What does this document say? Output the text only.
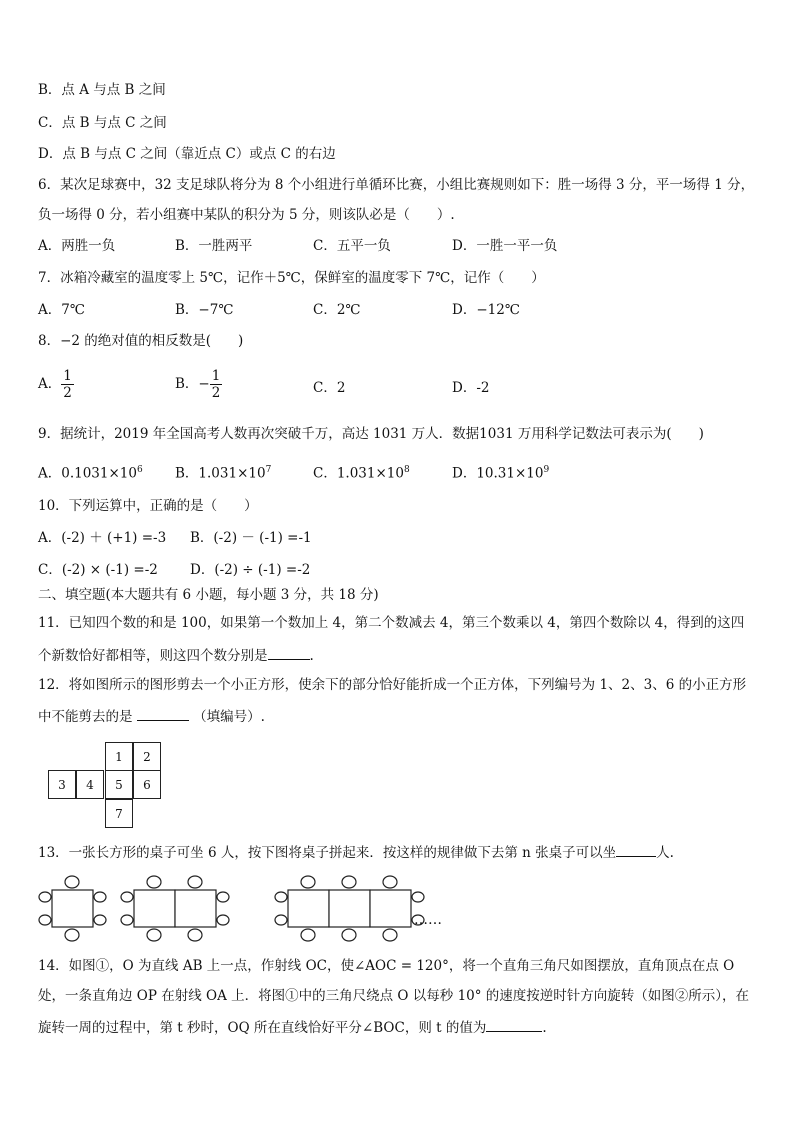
B．点 A 与点 B 之间
C．点 B 与点 C 之间
D．点 B 与点 C 之间（靠近点 C）或点 C 的右边
6．某次足球赛中，32 支足球队将分为 8 个小组进行单循环比赛，小组比赛规则如下：胜一场得 3 分，平一场得 1 分，
负一场得 0 分，若小组赛中某队的积分为 5 分，则该队必是（　　）.
A．两胜一负	B．一胜两平	C．五平一负	D．一胜一平一负
7．冰箱冷藏室的温度零上 5℃，记作＋5℃，保鲜室的温度零下 7℃，记作（　　）
A．7℃	B．−7℃	C．2℃	D．−12℃
8．−2 的绝对值的相反数是(　　)
A． $\frac{1}{2}$	B．− $\frac{1}{2}$	C．2	D．-2
9．据统计，2019 年全国高考人数再次突破千万，高达 1031 万人．数据1031 万用科学记数法可表示为(　　)
A．$0.1031\times 10^6$ B．$1.031\times 10^7$	C．$1.031\times 10^8$	D．$10.31\times 10^9$
10．下列运算中，正确的是（　　）
A．(-2) ＋ (+1) =-3 B．(-2) － (-1) =-1
C．(-2) × (-1) =-2 D．(-2) ÷ (-1) =-2
二、填空题(本大题共有 6 小题，每小题 3 分，共 18 分)
11．已知四个数的和是 100，如果第一个数加上 4，第二个数减去 4，第三个数乘以 4，第四个数除以 4，得到的这四
个新数恰好都相等，则这四个数分别是	.
12．将如图所示的图形剪去一个小正方形，使余下的部分恰好能折成一个正方体，下列编号为 1、2、3、6 的小正方形
中不能剪去的是	（填编号）.
1	2
3	4	5	6
7
13．一张长方形的桌子可坐 6 人，按下图将桌子拼起来．按这样的规律做下去第 n 张桌子可以坐	人.
……
14．如图①，O 为直线 AB 上一点，作射线 OC，使∠AOC = 120°，将一个直角三角尺如图摆放，直角顶点在点 O
处，一条直角边 OP 在射线 OA 上．将图①中的三角尺绕点 O 以每秒 10° 的速度按逆时针方向旋转（如图②所示），在
旋转一周的过程中，第 t 秒时，OQ 所在直线恰好平分∠BOC，则 t 的值为	.
